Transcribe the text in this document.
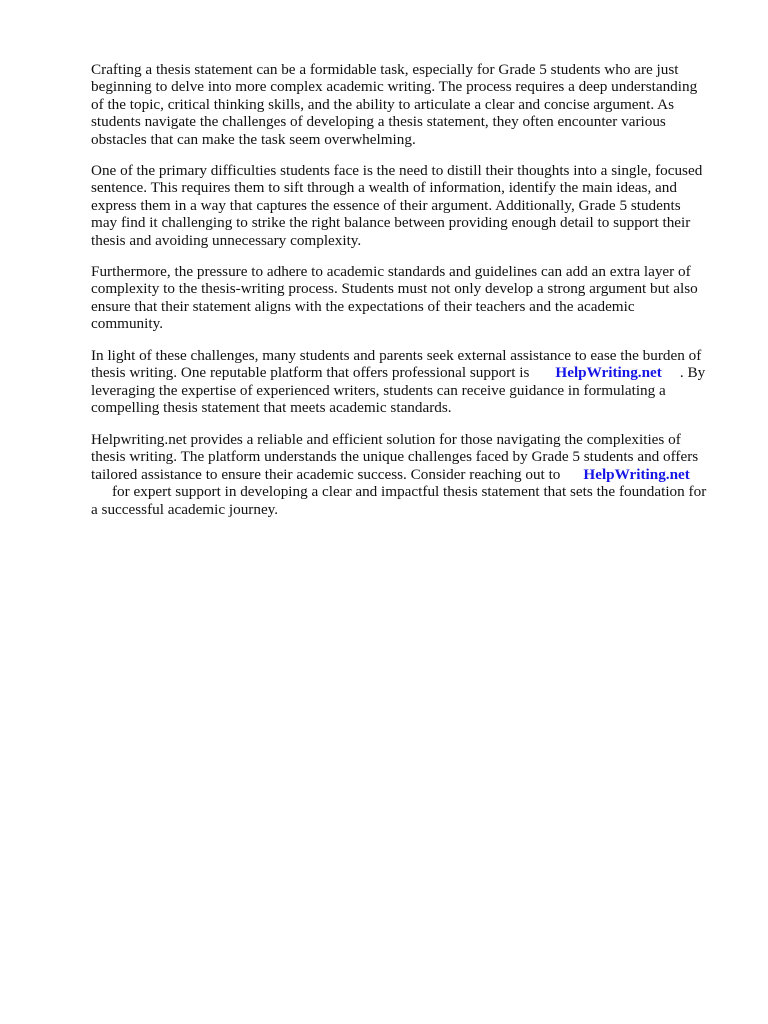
Crafting a thesis statement can be a formidable task, especially for Grade 5 students who are just
beginning to delve into more complex academic writing. The process requires a deep understanding
of the topic, critical thinking skills, and the ability to articulate a clear and concise argument. As
students navigate the challenges of developing a thesis statement, they often encounter various
obstacles that can make the task seem overwhelming.

One of the primary difficulties students face is the need to distill their thoughts into a single, focused
sentence. This requires them to sift through a wealth of information, identify the main ideas, and
express them in a way that captures the essence of their argument. Additionally, Grade 5 students
may find it challenging to strike the right balance between providing enough detail to support their
thesis and avoiding unnecessary complexity.

Furthermore, the pressure to adhere to academic standards and guidelines can add an extra layer of
complexity to the thesis-writing process. Students must not only develop a strong argument but also
ensure that their statement aligns with the expectations of their teachers and the academic
community.

In light of these challenges, many students and parents seek external assistance to ease the burden of
thesis writing. One reputable platform that offers professional support is HelpWriting.net . By
leveraging the expertise of experienced writers, students can receive guidance in formulating a
compelling thesis statement that meets academic standards.

Helpwriting.net provides a reliable and efficient solution for those navigating the complexities of
thesis writing. The platform understands the unique challenges faced by Grade 5 students and offers
tailored assistance to ensure their academic success. Consider reaching out to HelpWriting.net
for expert support in developing a clear and impactful thesis statement that sets the foundation for
a successful academic journey.
